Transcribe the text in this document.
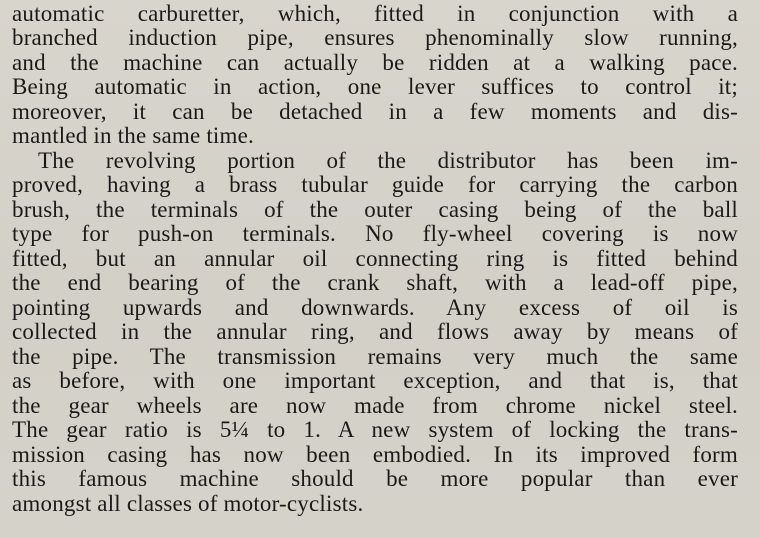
automatic carburetter, which, fitted in conjunction with a
branched induction pipe, ensures phenominally slow running,
and the machine can actually be ridden at a walking pace.
Being automatic in action, one lever suffices to control it;
moreover, it can be detached in a few moments and dis-
mantled in the same time.
The revolving portion of the distributor has been im-
proved, having a brass tubular guide for carrying the carbon
brush, the terminals of the outer casing being of the ball
type for push-on terminals. No fly-wheel covering is now
fitted, but an annular oil connecting ring is fitted behind
the end bearing of the crank shaft, with a lead-off pipe,
pointing upwards and downwards. Any excess of oil is
collected in the annular ring, and flows away by means of
the pipe. The transmission remains very much the same
as before, with one important exception, and that is, that
the gear wheels are now made from chrome nickel steel.
The gear ratio is 5¼ to 1. A new system of locking the trans-
mission casing has now been embodied. In its improved form
this famous machine should be more popular than ever
amongst all classes of motor-cyclists.
